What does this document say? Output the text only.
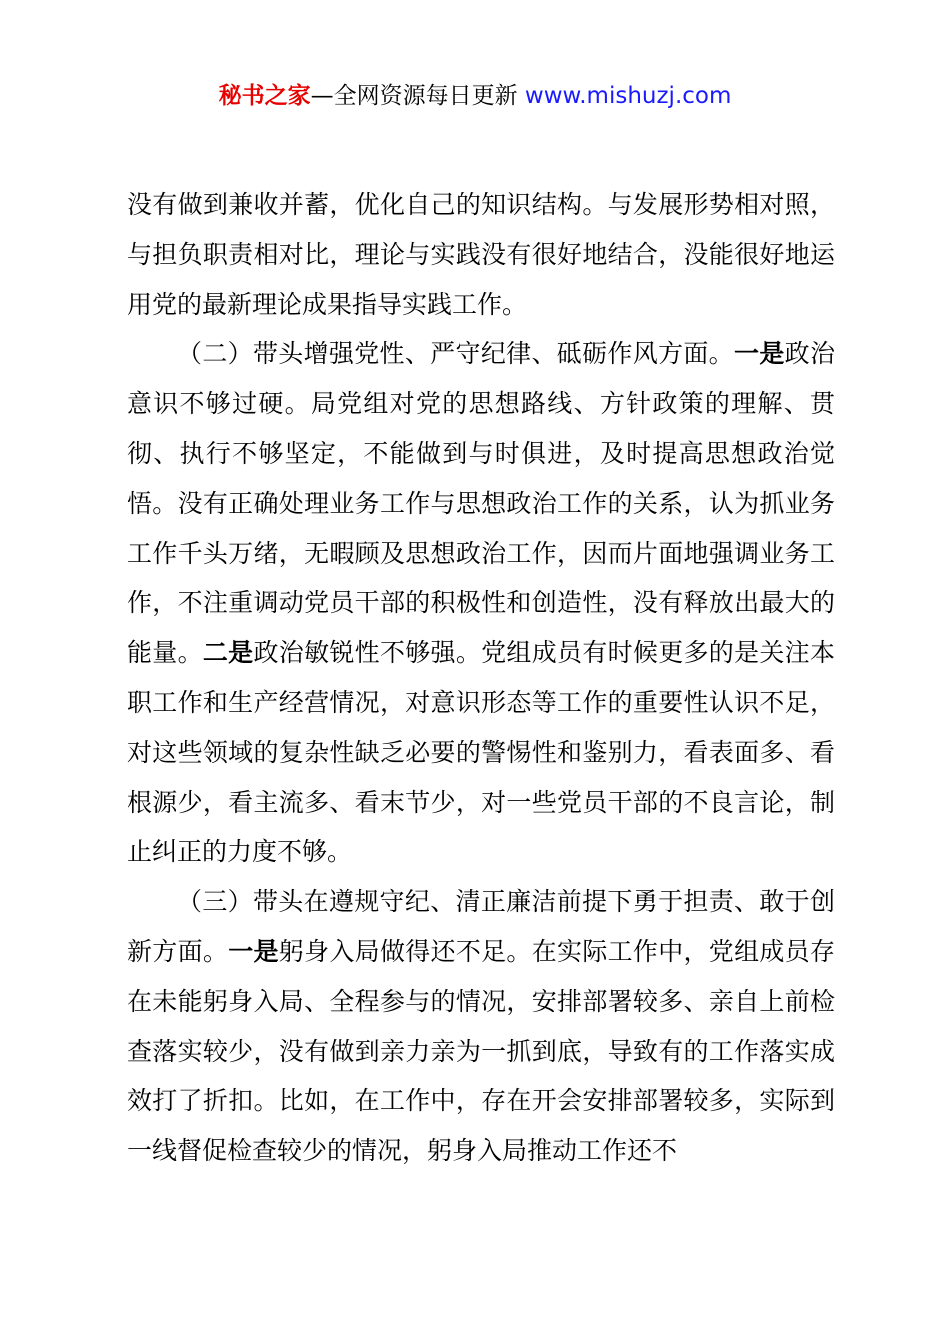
秘书之家—全网资源每日更新 www.mishuzj.com

没有做到兼收并蓄，优化自己的知识结构。与发展形势相对照，与担负职责相对比，理论与实践没有很好地结合，没能很好地运用党的最新理论成果指导实践工作。

（二）带头增强党性、严守纪律、砥砺作风方面。一是政治意识不够过硬。局党组对党的思想路线、方针政策的理解、贯彻、执行不够坚定，不能做到与时俱进，及时提高思想政治觉悟。没有正确处理业务工作与思想政治工作的关系，认为抓业务工作千头万绪，无暇顾及思想政治工作，因而片面地强调业务工作，不注重调动党员干部的积极性和创造性，没有释放出最大的能量。二是政治敏锐性不够强。党组成员有时候更多的是关注本职工作和生产经营情况，对意识形态等工作的重要性认识不足，对这些领域的复杂性缺乏必要的警惕性和鉴别力，看表面多、看根源少，看主流多、看末节少，对一些党员干部的不良言论，制止纠正的力度不够。

（三）带头在遵规守纪、清正廉洁前提下勇于担责、敢于创新方面。一是躬身入局做得还不足。在实际工作中，党组成员存在未能躬身入局、全程参与的情况，安排部署较多、亲自上前检查落实较少，没有做到亲力亲为一抓到底，导致有的工作落实成效打了折扣。比如，在工作中，存在开会安排部署较多，实际到一线督促检查较少的情况，躬身入局推动工作还不
